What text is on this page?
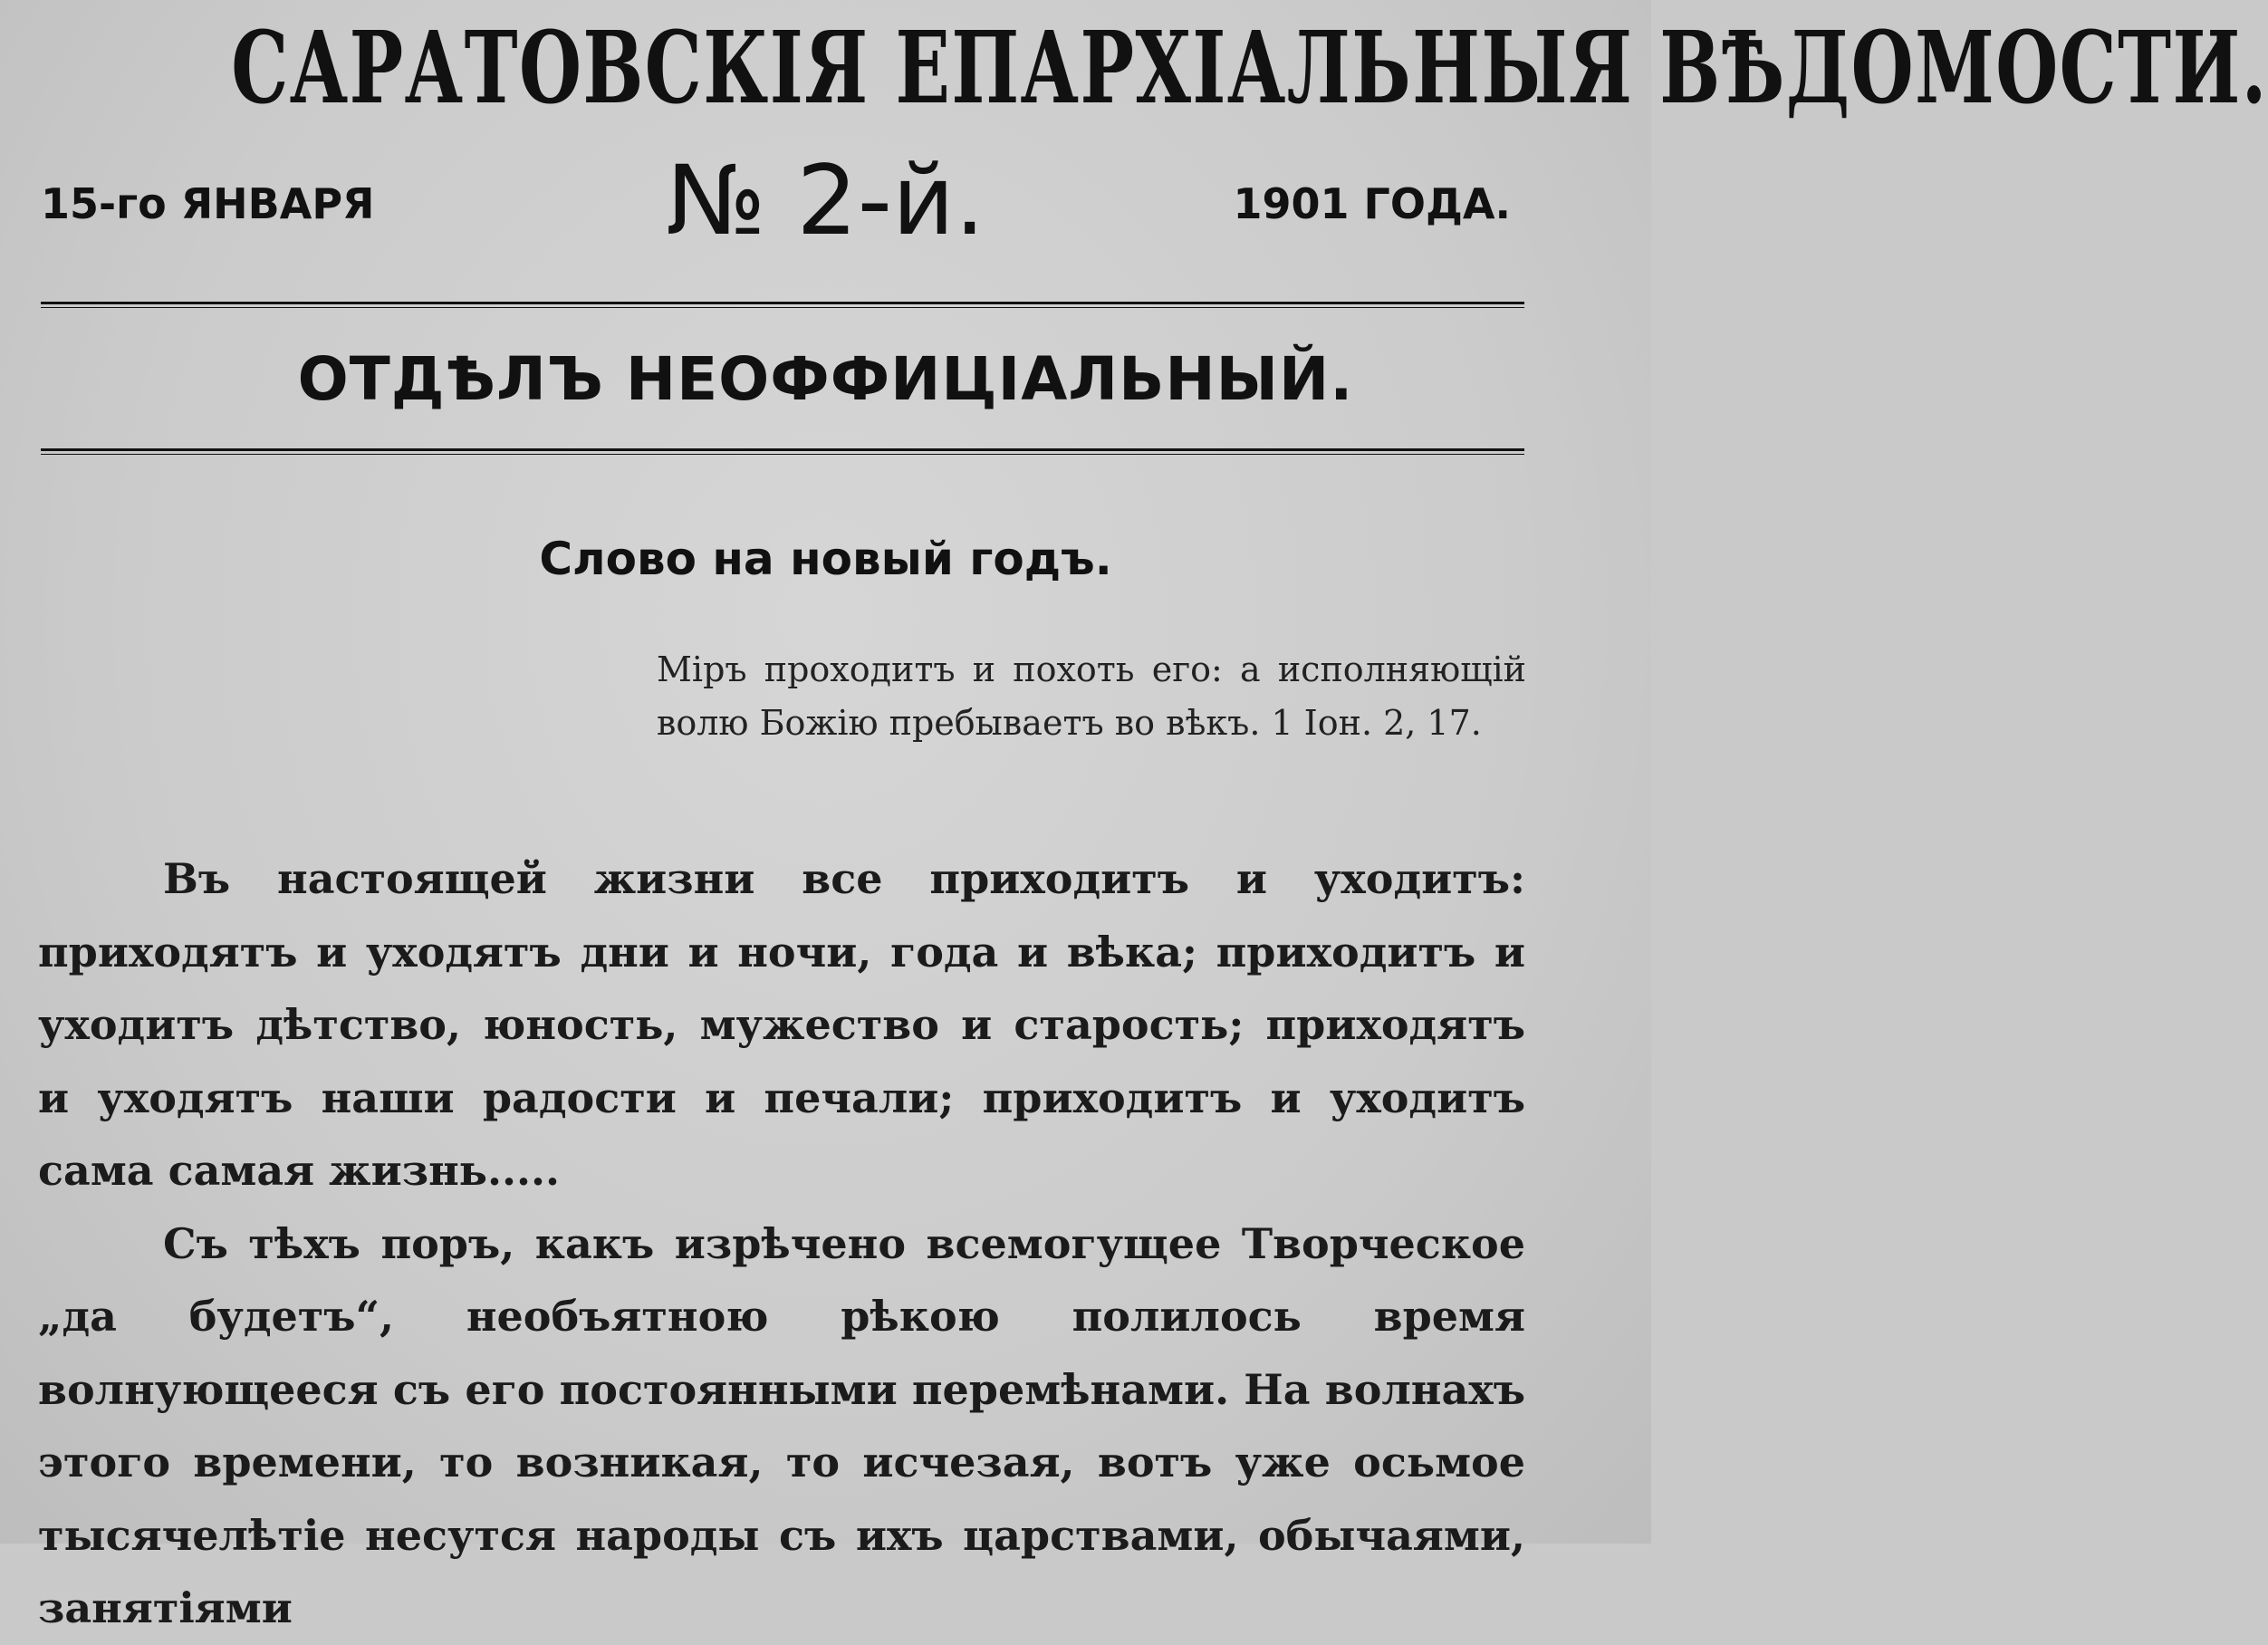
САРАТОВСКІЯ ЕПАРХІАЛЬНЫЯ ВѢДОМОСТИ.
15-го ЯНВАРЯ	№ 2-й.	1901 ГОДА.
ОТДѢЛЪ НЕОФФИЦІАЛЬНЫЙ.
Слово на новый годъ.
Міръ проходитъ и похоть его: а исполняющій волю Божію пребываетъ во вѣкъ. 1 Іон. 2, 17.

Въ настоящей жизни все приходитъ и уходитъ: приходятъ и уходятъ дни и ночи, года и вѣка; приходитъ и уходитъ дѣтство, юность, мужество и старость; приходятъ и уходятъ наши радости и печали; приходитъ и уходитъ сама самая жизнь.....

Съ тѣхъ поръ, какъ изрѣчено всемогущее Творческое „да будетъ“, необъятною рѣкою полилось время волнующееся съ его постоянными перемѣнами. На волнахъ этого времени, то возникая, то исчезая, вотъ уже осьмое тысячелѣтіе несутся народы съ ихъ царствами, обычаями, занятіями
